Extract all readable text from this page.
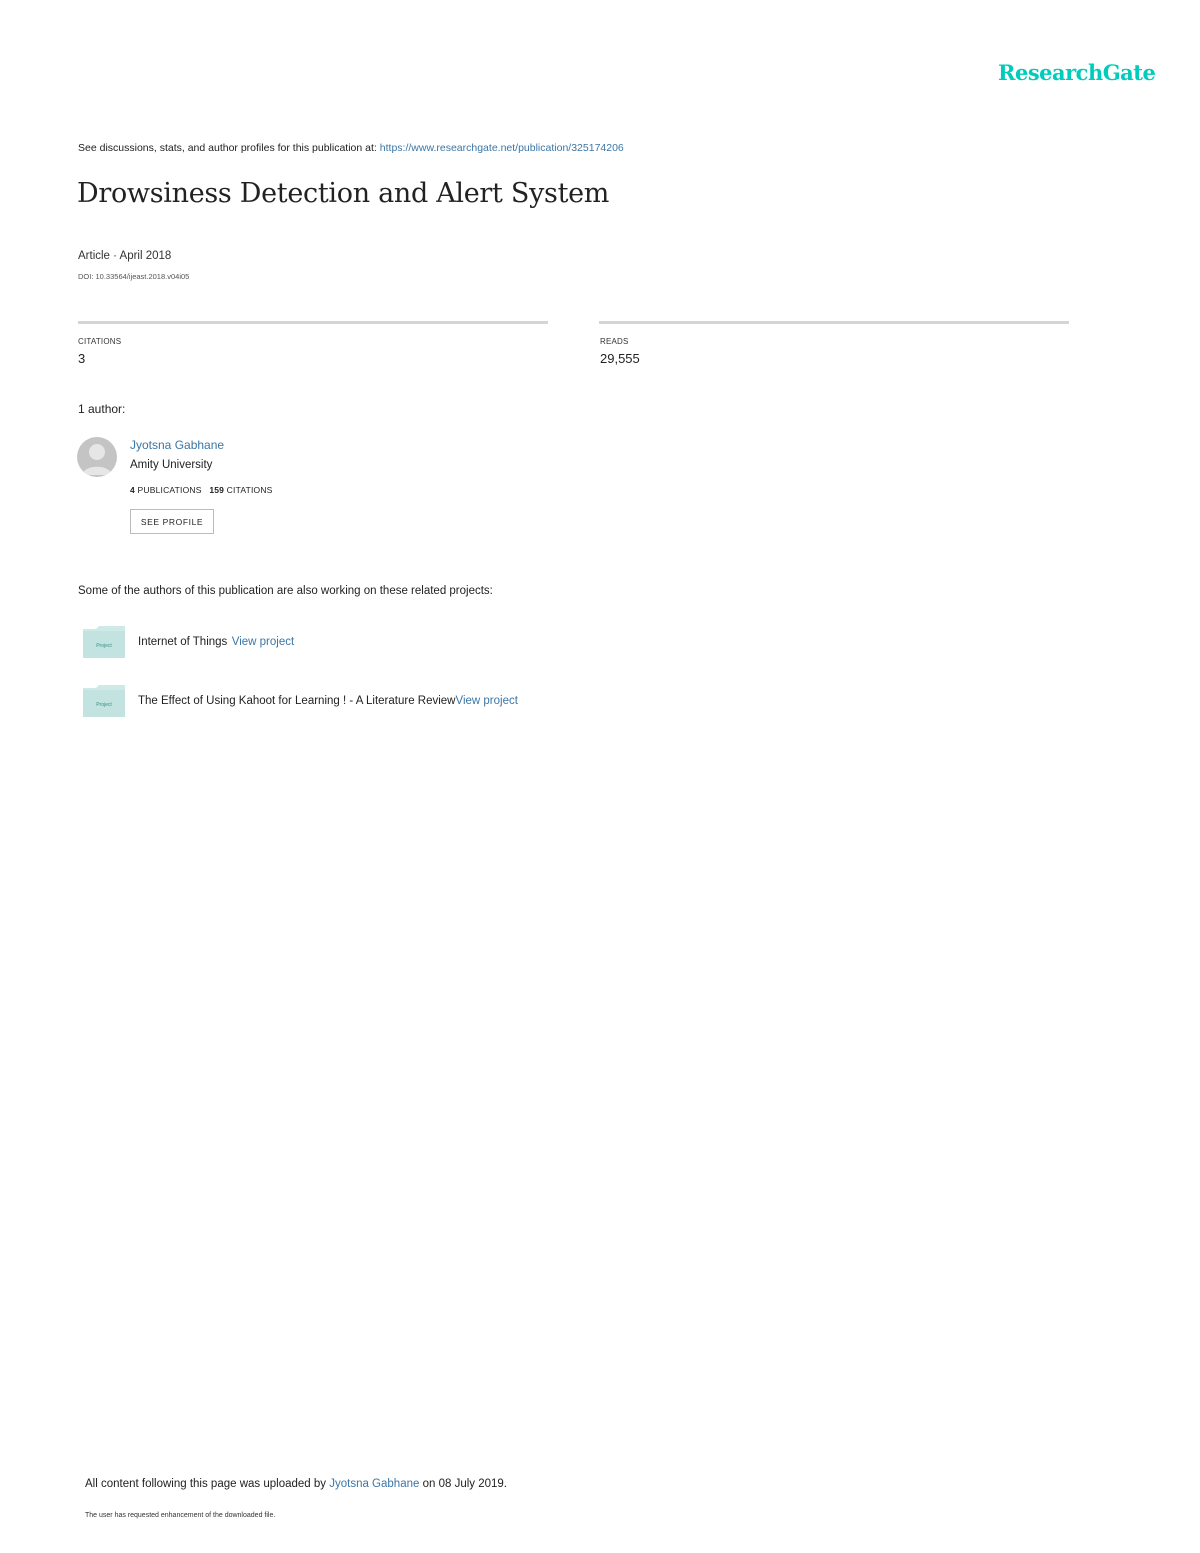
ResearchGate
See discussions, stats, and author profiles for this publication at: https://www.researchgate.net/publication/325174206
Drowsiness Detection and Alert System
Article · April 2018
DOI: 10.33564/ijeast.2018.v04i05
CITATIONS
3
READS
29,555
1 author:
Jyotsna Gabhane
Amity University
4 PUBLICATIONS 159 CITATIONS
SEE PROFILE
Some of the authors of this publication are also working on these related projects:
Project Internet of Things
View project
Project The Effect of Using Kahoot for Learning ! - A Literature Review View project
All content following this page was uploaded by Jyotsna Gabhane on 08 July 2019.
The user has requested enhancement of the downloaded file.
